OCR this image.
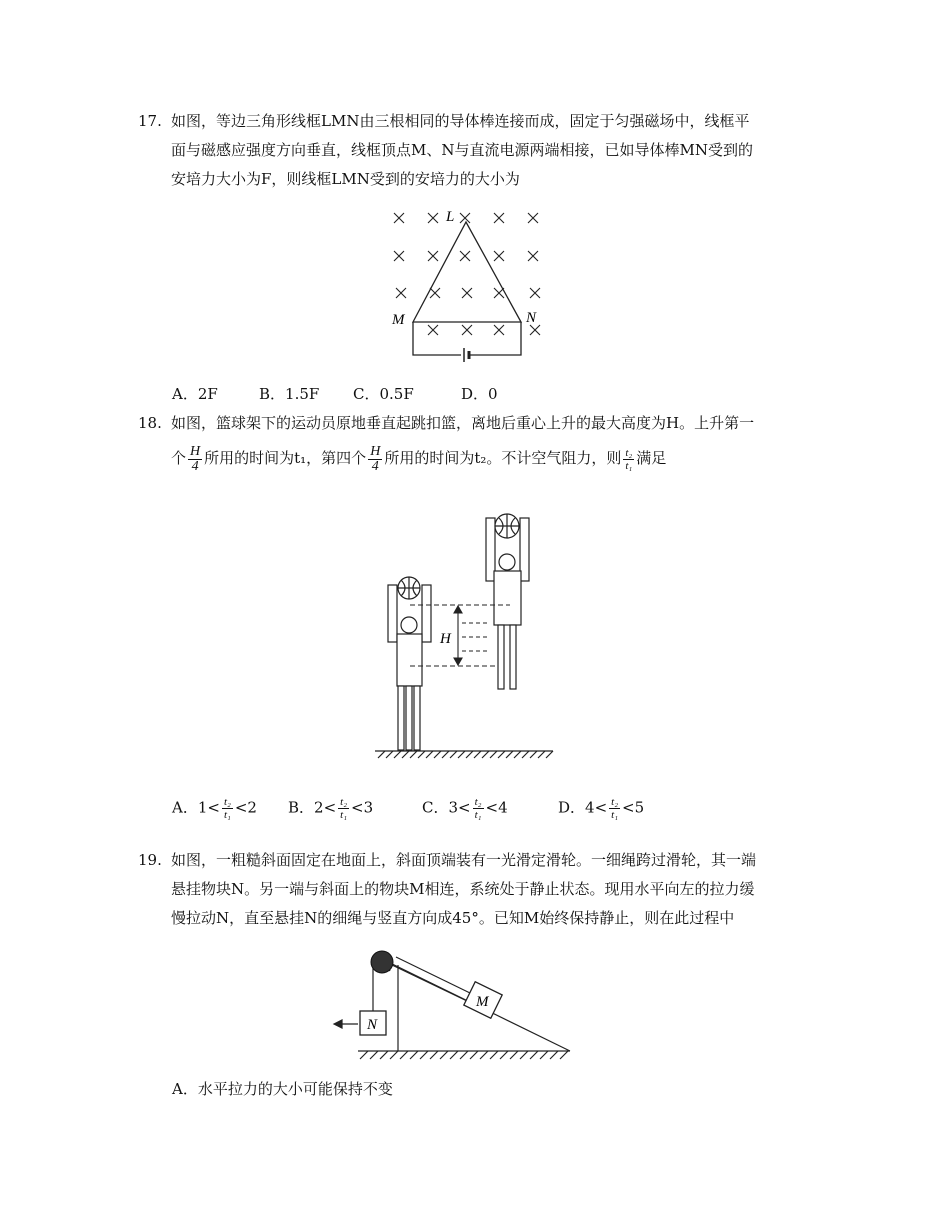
17. 如图，等边三角形线框LMN由三根相同的导体棒连接而成，固定于匀强磁场中，线框平

面与磁感应强度方向垂直，线框顶点M、N与直流电源两端相接，已如导体棒MN受到的

安培力大小为F，则线框LMN受到的安培力的大小为

L
M	N
A．2F	B．1.5F C．0.5F	D．0

18. 如图，篮球架下的运动员原地垂直起跳扣篮，离地后重心上升的最大高度为H。上升第一

个 $\frac{H}{4}$ 所用的时间为t₁，第四个 $\frac{H}{4}$ 所用的时间为t₂。不计空气阻力，则 $\frac{\text{t₂}}{\text{t₁}}$ 满足

H
A．$1< \frac{\text{t₂}}{\text{t₁}} <2$ B．$2< \frac{\text{t₂}}{\text{t₁}} <3$	C．$3< \frac{\text{t₂}}{\text{t₁}} <4$	D．$4< \frac{\text{t₂}}{\text{t₁}} <5$

19. 如图，一粗糙斜面固定在地面上，斜面顶端装有一光滑定滑轮。一细绳跨过滑轮，其一端

悬挂物块N。另一端与斜面上的物块M相连，系统处于静止状态。现用水平向左的拉力缓

慢拉动N，直至悬挂N的细绳与竖直方向成45°。已知M始终保持静止，则在此过程中

M
N

A．水平拉力的大小可能保持不变
